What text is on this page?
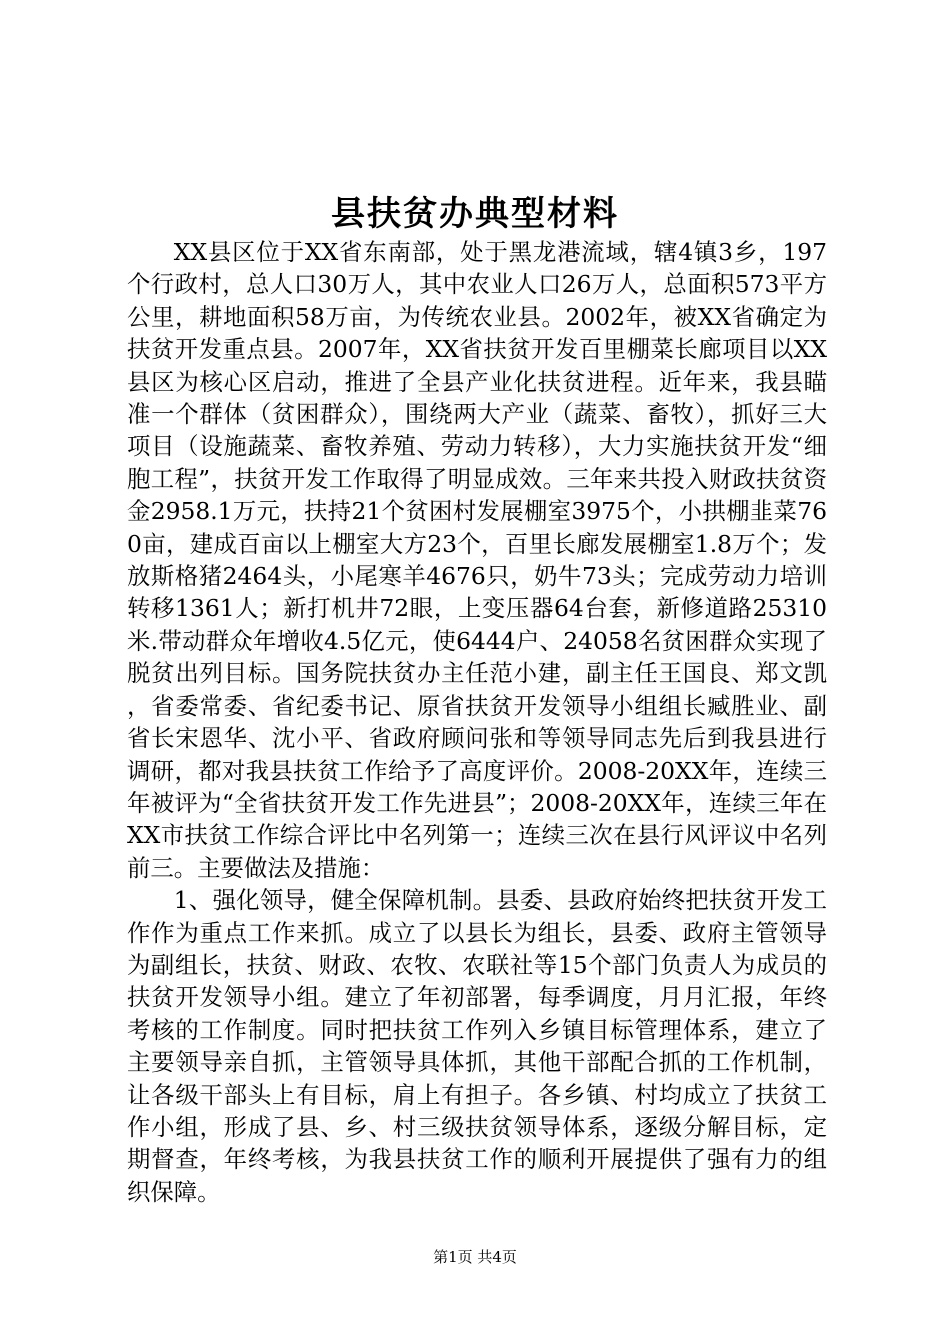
县扶贫办典型材料

XX县区位于XX省东南部，处于黑龙港流域，辖4镇3乡，197个行政村，总人口30万人，其中农业人口26万人，总面积573平方公里，耕地面积58万亩，为传统农业县。2002年，被XX省确定为扶贫开发重点县。2007年，XX省扶贫开发百里棚菜长廊项目以XX县区为核心区启动，推进了全县产业化扶贫进程。近年来，我县瞄准一个群体（贫困群众），围绕两大产业（蔬菜、畜牧），抓好三大项目（设施蔬菜、畜牧养殖、劳动力转移），大力实施扶贫开发“细胞工程”，扶贫开发工作取得了明显成效。三年来共投入财政扶贫资金2958.1万元，扶持21个贫困村发展棚室3975个，小拱棚韭菜760亩，建成百亩以上棚室大方23个，百里长廊发展棚室1.8万个；发放斯格猪2464头，小尾寒羊4676只，奶牛73头；完成劳动力培训转移1361人；新打机井72眼，上变压器64台套，新修道路25310米.带动群众年增收4.5亿元，使6444户、24058名贫困群众实现了脱贫出列目标。国务院扶贫办主任范小建，副主任王国良、郑文凯，省委常委、省纪委书记、原省扶贫开发领导小组组长臧胜业、副省长宋恩华、沈小平、省政府顾问张和等领导同志先后到我县进行调研，都对我县扶贫工作给予了高度评价。2008-20XX年，连续三年被评为“全省扶贫开发工作先进县”；2008-20XX年，连续三年在XX市扶贫工作综合评比中名列第一；连续三次在县行风评议中名列前三。主要做法及措施：

1、强化领导，健全保障机制。县委、县政府始终把扶贫开发工作作为重点工作来抓。成立了以县长为组长，县委、政府主管领导为副组长，扶贫、财政、农牧、农联社等15个部门负责人为成员的扶贫开发领导小组。建立了年初部署，每季调度，月月汇报，年终考核的工作制度。同时把扶贫工作列入乡镇目标管理体系，建立了主要领导亲自抓，主管领导具体抓，其他干部配合抓的工作机制，让各级干部头上有目标，肩上有担子。各乡镇、村均成立了扶贫工作小组，形成了县、乡、村三级扶贫领导体系，逐级分解目标，定期督查，年终考核，为我县扶贫工作的顺利开展提供了强有力的组织保障。

第1页 共4页
